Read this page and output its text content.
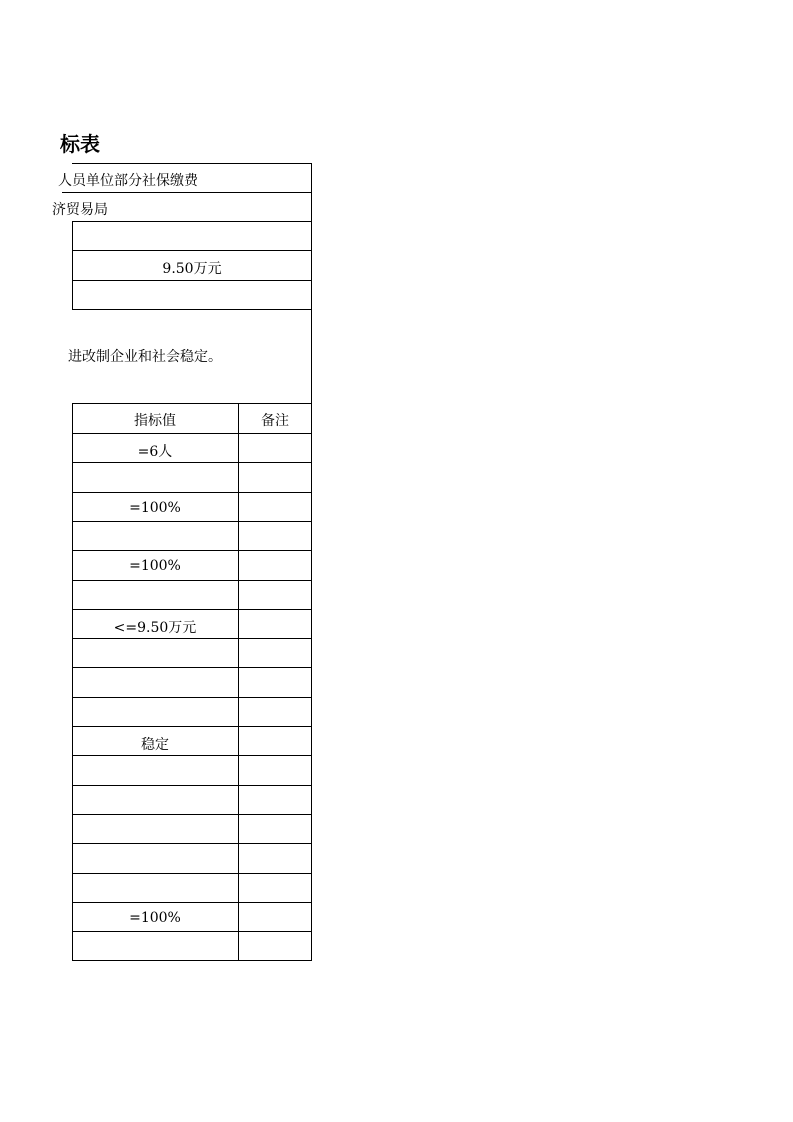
标表
人员单位部分社保缴费
济贸易局
9.50万元
进改制企业和社会稳定。
指标值	备注
=6人
=100%
=100%
<=9.50万元
稳定
=100%
